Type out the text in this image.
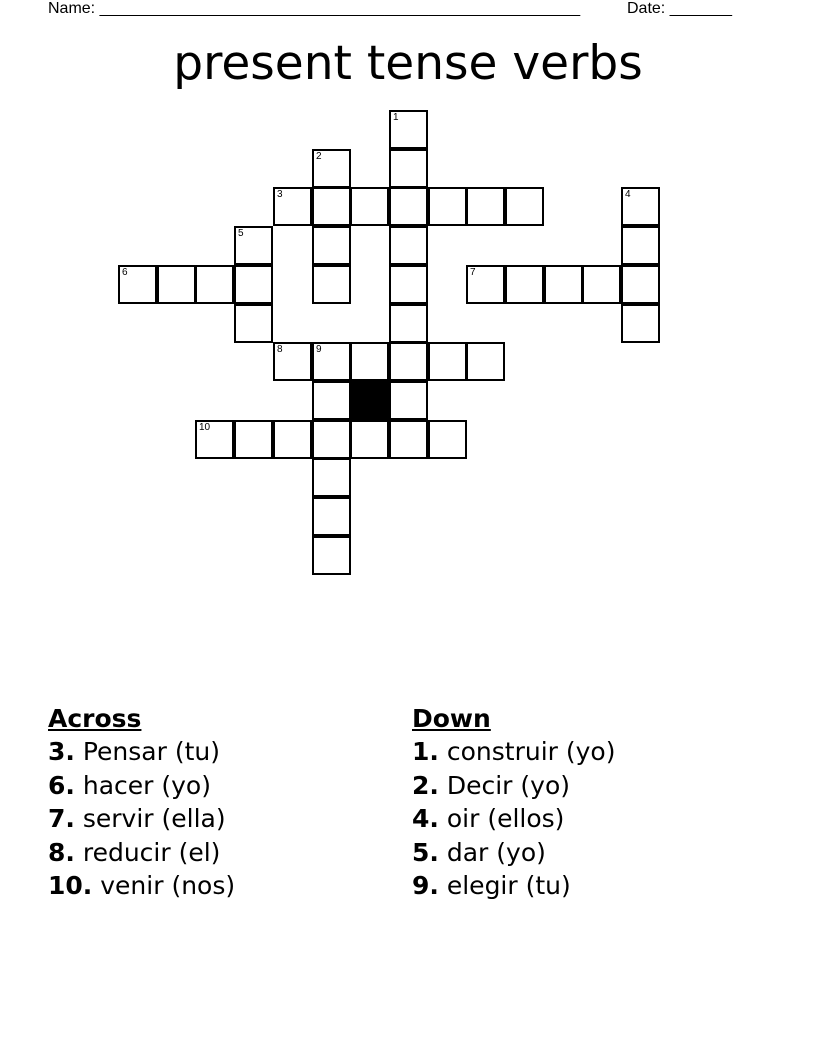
Name: ______________________________________________________	Date: _______
present tense verbs
1
2
3	4
5
6	7
8	9
10
Across
3. Pensar (tu)
6. hacer (yo)
7. servir (ella)
8. reducir (el)
10. venir (nos)
Down
1. construir (yo)
2. Decir (yo)
4. oir (ellos)
5. dar (yo)
9. elegir (tu)
